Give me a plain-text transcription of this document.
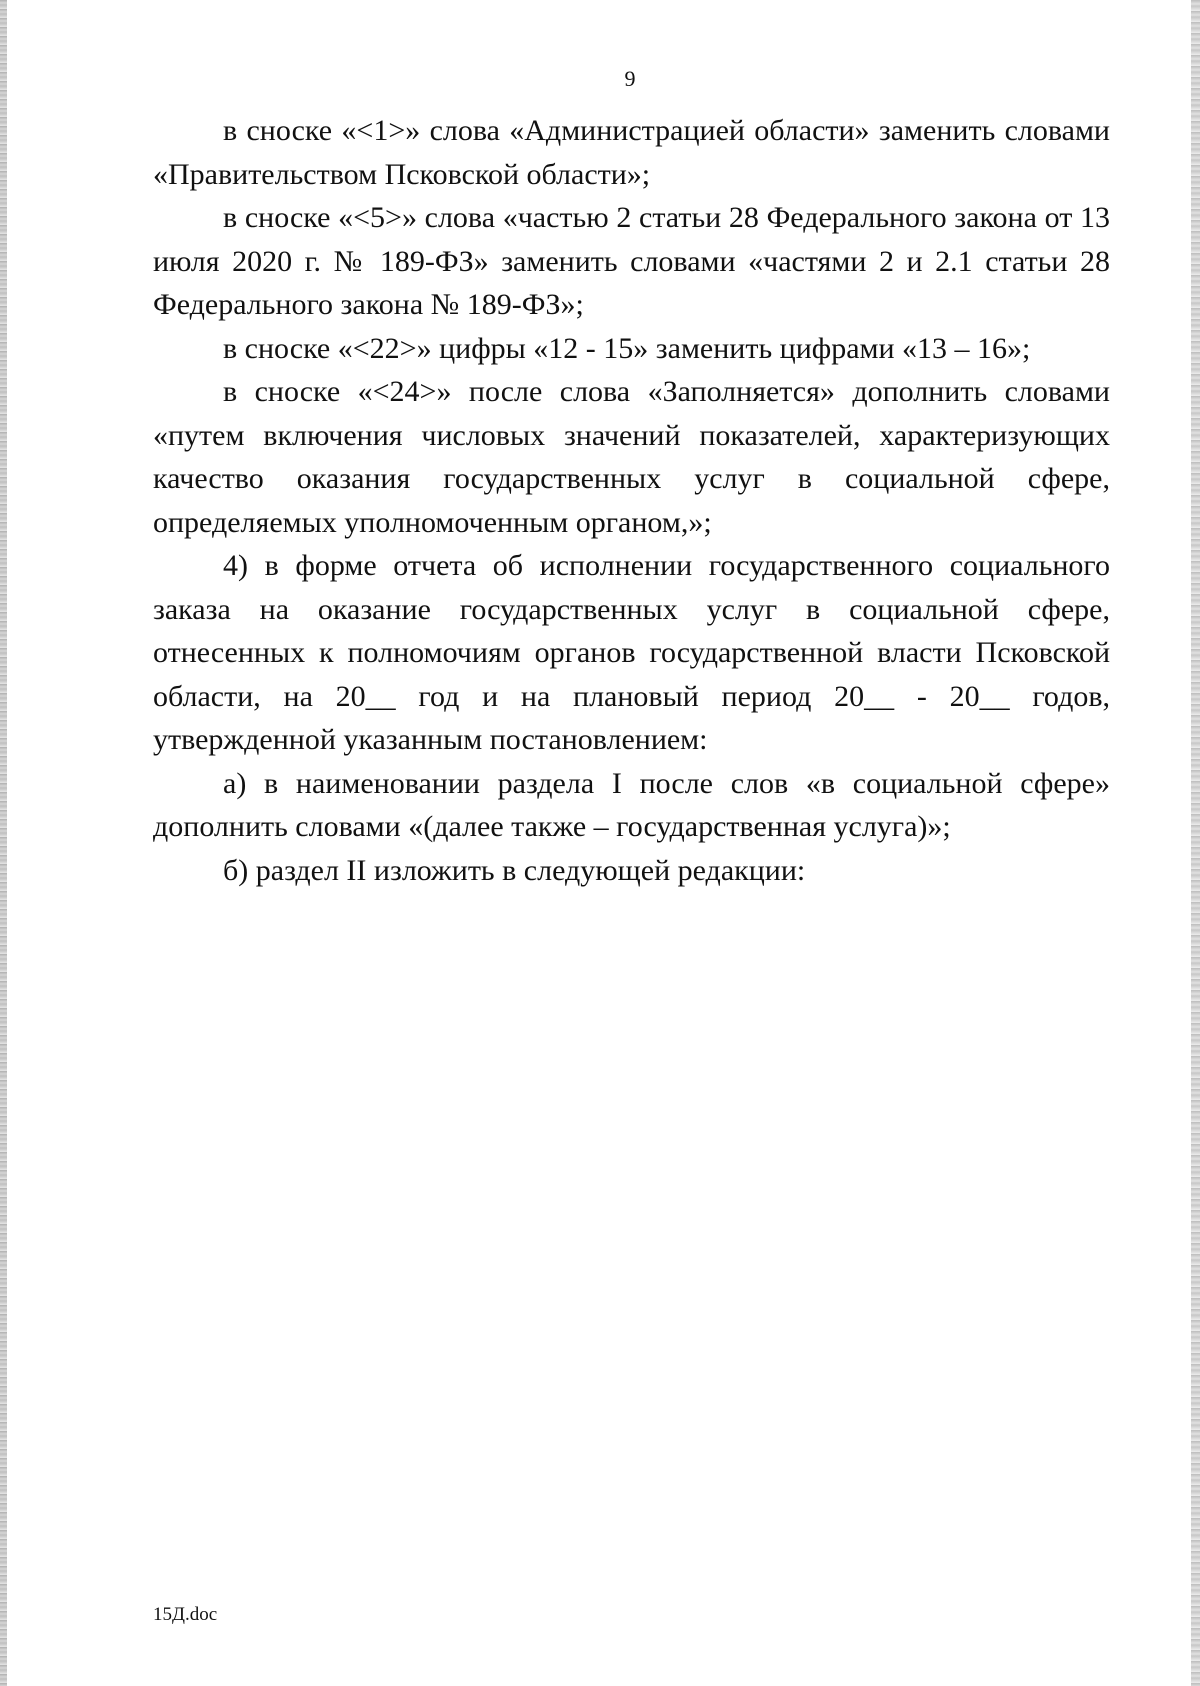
9

в сноске «<1>» слова «Администрацией области» заменить словами «Правительством Псковской области»;

в сноске «<5>» слова «частью 2 статьи 28 Федерального закона от 13 июля 2020 г. № 189-ФЗ» заменить словами «частями 2 и 2.1 статьи 28 Федерального закона № 189-ФЗ»;

в сноске «<22>» цифры «12 - 15» заменить цифрами «13 – 16»;

в сноске «<24>» после слова «Заполняется» дополнить словами «путем включения числовых значений показателей, характеризующих качество оказания государственных услуг в социальной сфере, определяемых уполномоченным органом,»;

4) в форме отчета об исполнении государственного социального заказа на оказание государственных услуг в социальной сфере, отнесенных к полномочиям органов государственной власти Псковской области, на 20__ год и на плановый период 20__ - 20__ годов, утвержденной указанным постановлением:

а) в наименовании раздела I после слов «в социальной сфере» дополнить словами «(далее также – государственная услуга)»;

б) раздел II изложить в следующей редакции:

15Д.doc
